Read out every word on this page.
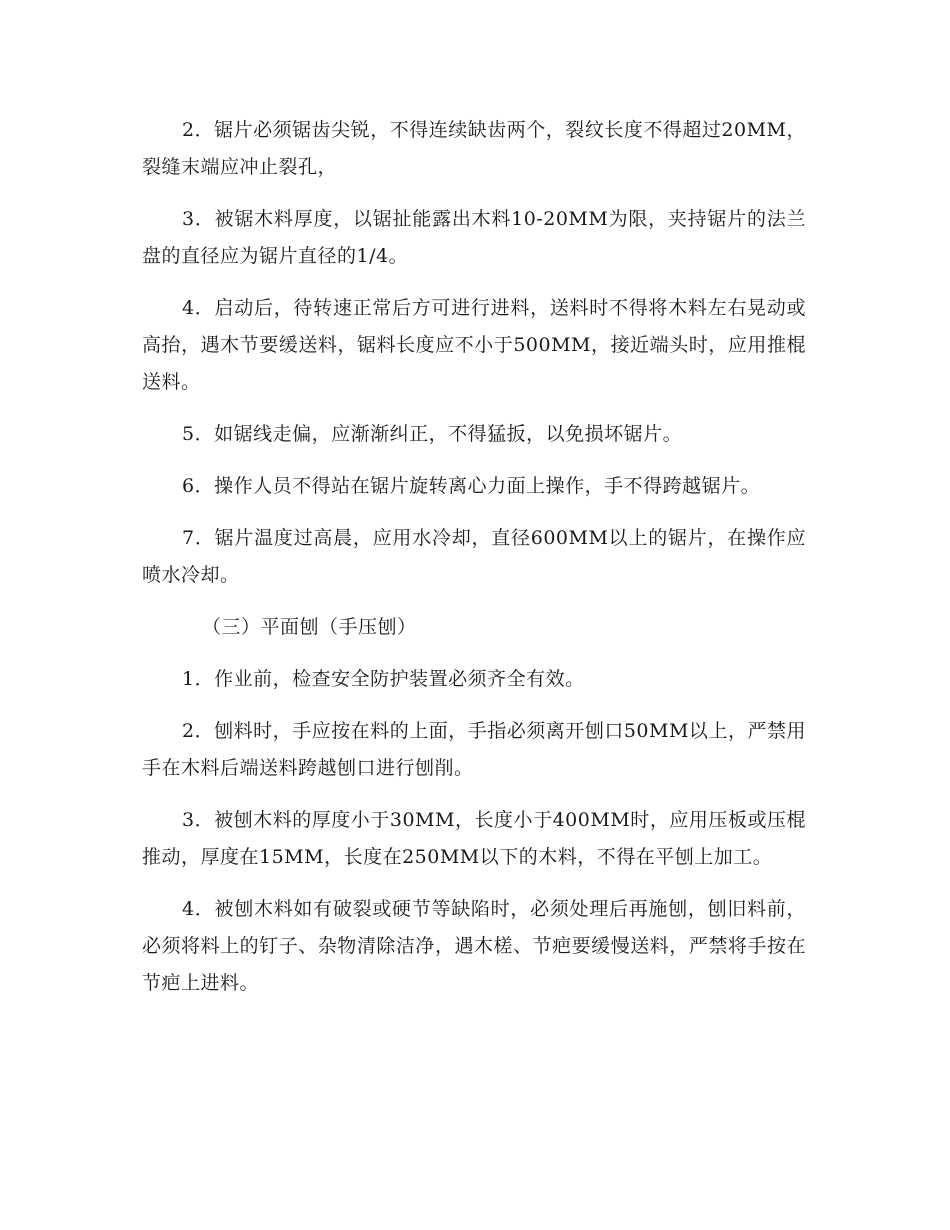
2．锯片必须锯齿尖锐，不得连续缺齿两个，裂纹长度不得超过20MM，裂缝末端应冲止裂孔，

3．被锯木料厚度，以锯扯能露出木料10-20MM为限，夹持锯片的法兰盘的直径应为锯片直径的1/4。

4．启动后，待转速正常后方可进行进料，送料时不得将木料左右晃动或高抬，遇木节要缓送料，锯料长度应不小于500MM，接近端头时，应用推棍送料。

5．如锯线走偏，应渐渐纠正，不得猛扳，以免损坏锯片。

6．操作人员不得站在锯片旋转离心力面上操作，手不得跨越锯片。

7．锯片温度过高晨，应用水冷却，直径600MM以上的锯片，在操作应喷水冷却。

（三）平面刨（手压刨）

1．作业前，检查安全防护装置必须齐全有效。

2．刨料时，手应按在料的上面，手指必须离开刨口50MM以上，严禁用手在木料后端送料跨越刨口进行刨削。

3．被刨木料的厚度小于30MM，长度小于400MM时，应用压板或压棍推动，厚度在15MM，长度在250MM以下的木料，不得在平刨上加工。

4．被刨木料如有破裂或硬节等缺陷时，必须处理后再施刨，刨旧料前，必须将料上的钉子、杂物清除洁净，遇木槎、节疤要缓慢送料，严禁将手按在节疤上进料。
